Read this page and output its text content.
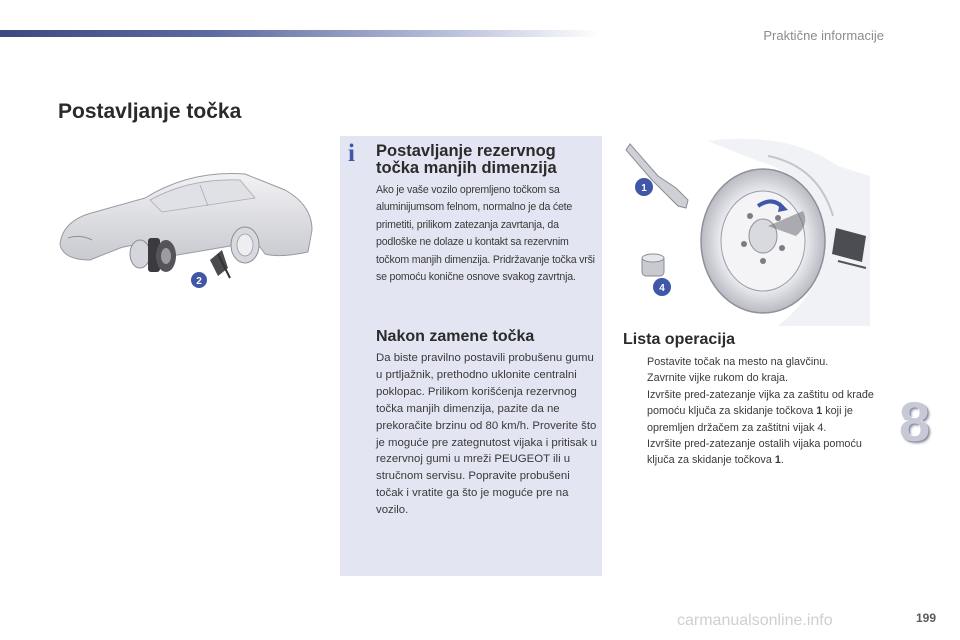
Praktične informacije
Postavljanje točka
2
i	Postavljanje rezervnog točka manjih dimenzija

Ako je vaše vozilo opremljeno točkom sa aluminijumsom felnom, normalno je da ćete primetiti, prilikom zatezanja zavrtanja, da podloške ne dolaze u kontakt sa rezervnim točkom manjih dimenzija. Pridržavanje točka vrši se pomoću konične osnove svakog zavrtnja.

Nakon zamene točka

Da biste pravilno postavili probušenu gumu u prtljažnik, prethodno uklonite centralni poklopac. Prilikom korišćenja rezervnog točka manjih dimenzija, pazite da ne prekoračite brzinu od 80 km/h. Proverite što je moguće pre zategnutost vijaka i pritisak u rezervnoj gumi u mreži PEUGEOT ili u stručnom servisu. Popravite probušeni točak i vratite ga što je moguće pre na vozilo.

1
4
Lista operacija
Postavite točak na mesto na glavčinu.
Zavrnite vijke rukom do kraja.
Izvršite pred-zatezanje vijka za zaštitu od krađe pomoću ključa za skidanje točkova 1 koji je opremljen držačem za zaštitni vijak 4.
Izvršite pred-zatezanje ostalih vijaka pomoću ključa za skidanje točkova 1.
8
carmanualsonline.info	199
